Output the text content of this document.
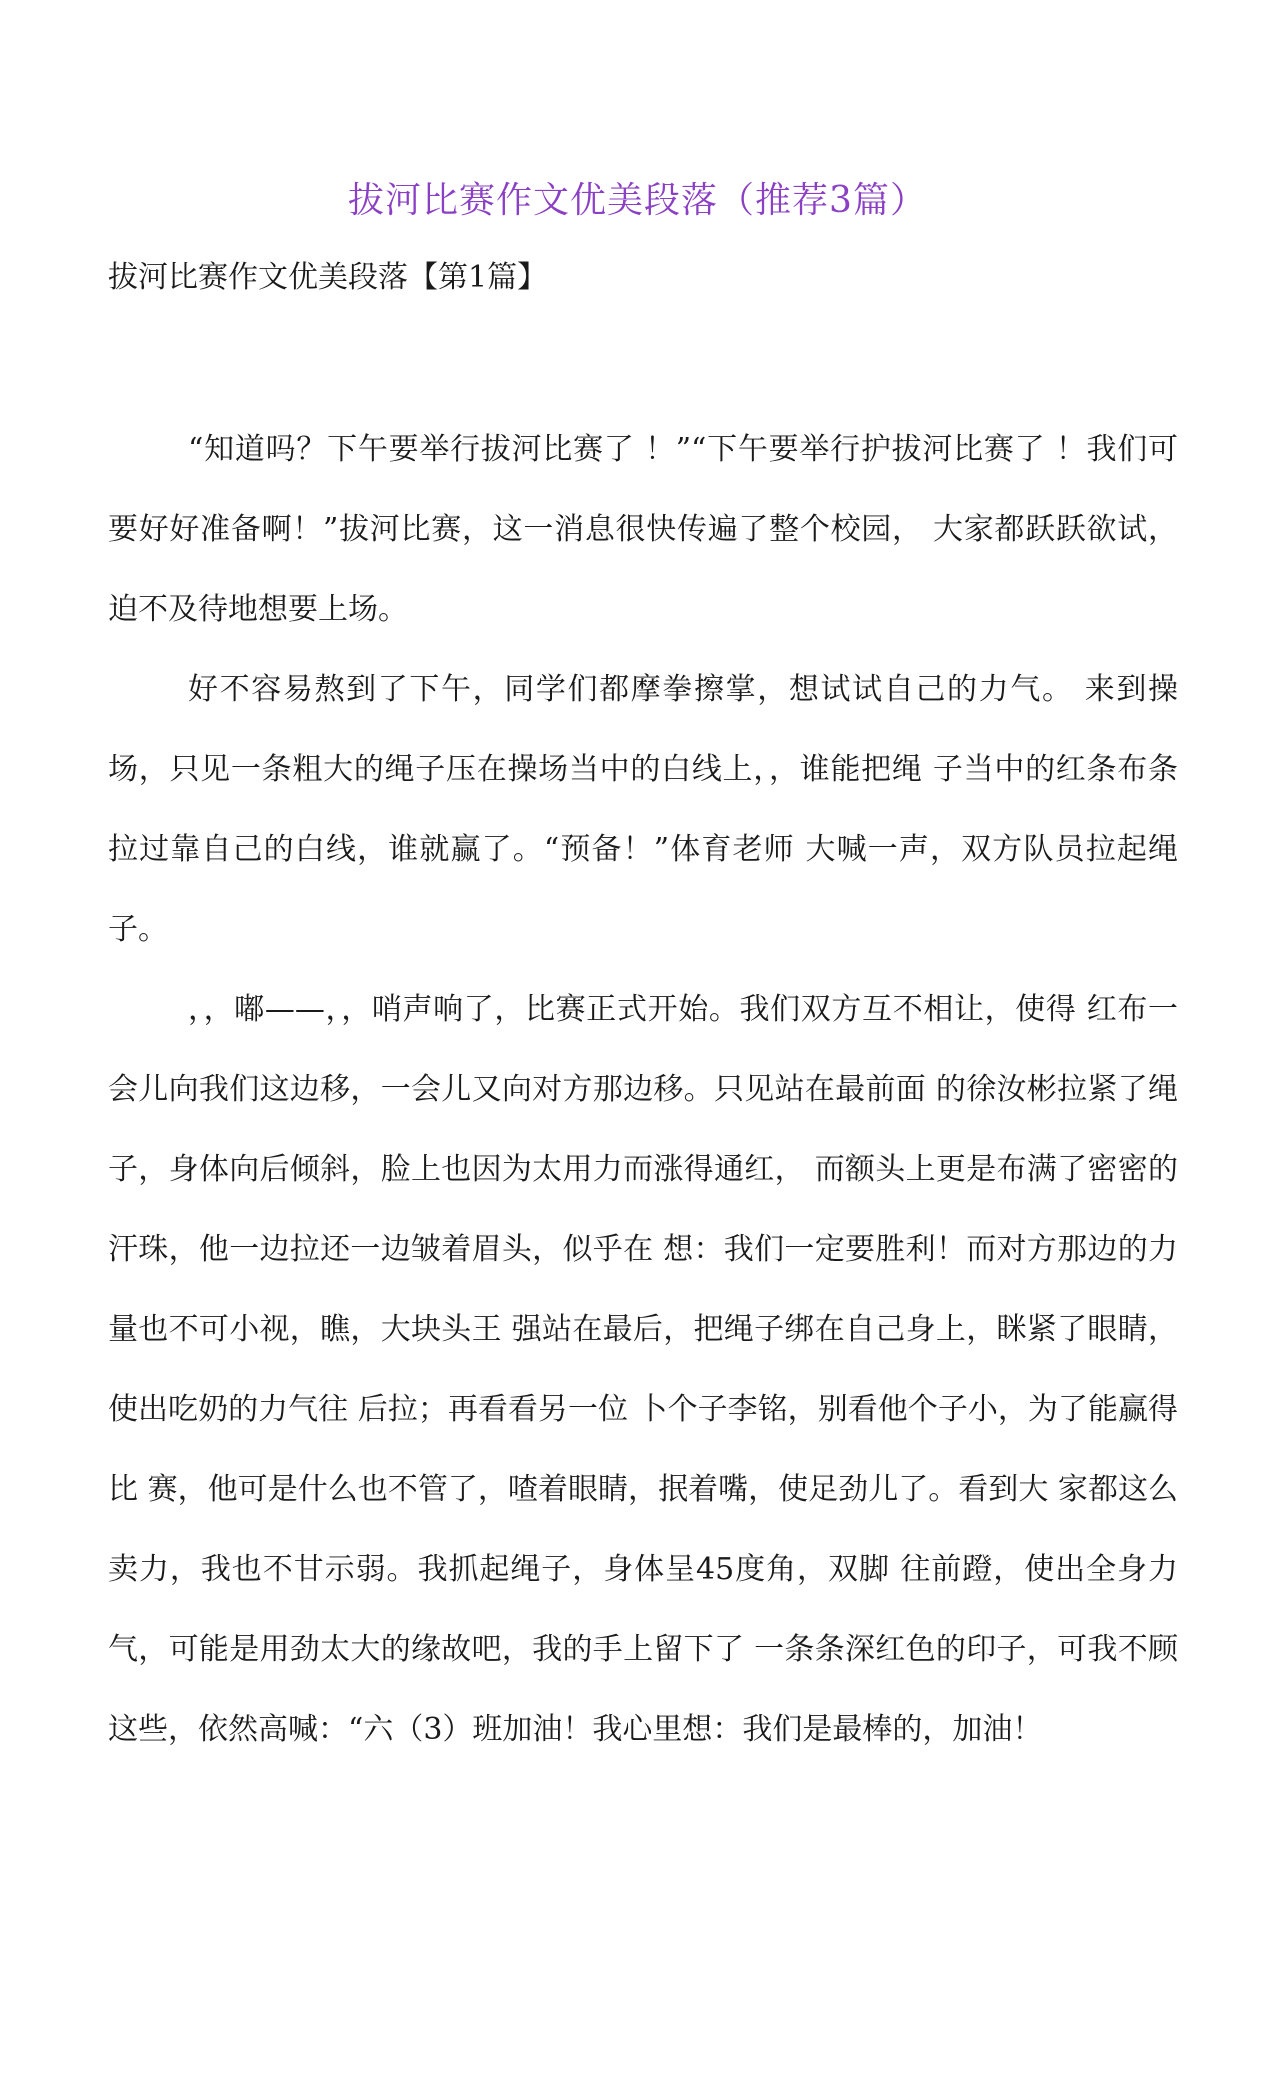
拔河比赛作文优美段落（推荐3篇）
拔河比赛作文优美段落【第1篇】

“知道吗？下午要举行拔河比赛了 ！”“下午要举行护拔河比赛了 ！我们可要好好准备啊！”拔河比赛，这一消息很快传遍了整个校园， 大家都跃跃欲试，迫不及待地想要上场。

好不容易熬到了下午，同学们都摩拳擦掌，想试试自己的力气。 来到操场，只见一条粗大的绳子压在操场当中的白线上，，谁能把绳 子当中的红条布条拉过靠自己的白线，谁就赢了。“预备！”体育老师 大喊一声，双方队员拉起绳子。

，，嘟——，，哨声响了，比赛正式开始。我们双方互不相让，使得 红布一会儿向我们这边移，一会儿又向对方那边移。只见站在最前面 的徐汝彬拉紧了绳子，身体向后倾斜，脸上也因为太用力而涨得通红， 而额头上更是布满了密密的汗珠，他一边拉还一边皱着眉头，似乎在 想：我们一定要胜利！而对方那边的力量也不可小视，瞧，大块头王 强站在最后，把绳子绑在自己身上，眯紧了眼睛，使出吃奶的力气往 后拉；再看看另一位 卜个子李铭，别看他个子小，为了能赢得比 赛，他可是什么也不管了，喳着眼睛，抿着嘴，使足劲儿了。看到大 家都这么卖力，我也不甘示弱。我抓起绳子，身体呈45度角，双脚 往前蹬，使出全身力气，可能是用劲太大的缘故吧，我的手上留下了 一条条深红色的印子，可我不顾这些，依然高喊：“六（3）班加油！我心里想：我们是最棒的，加油！
